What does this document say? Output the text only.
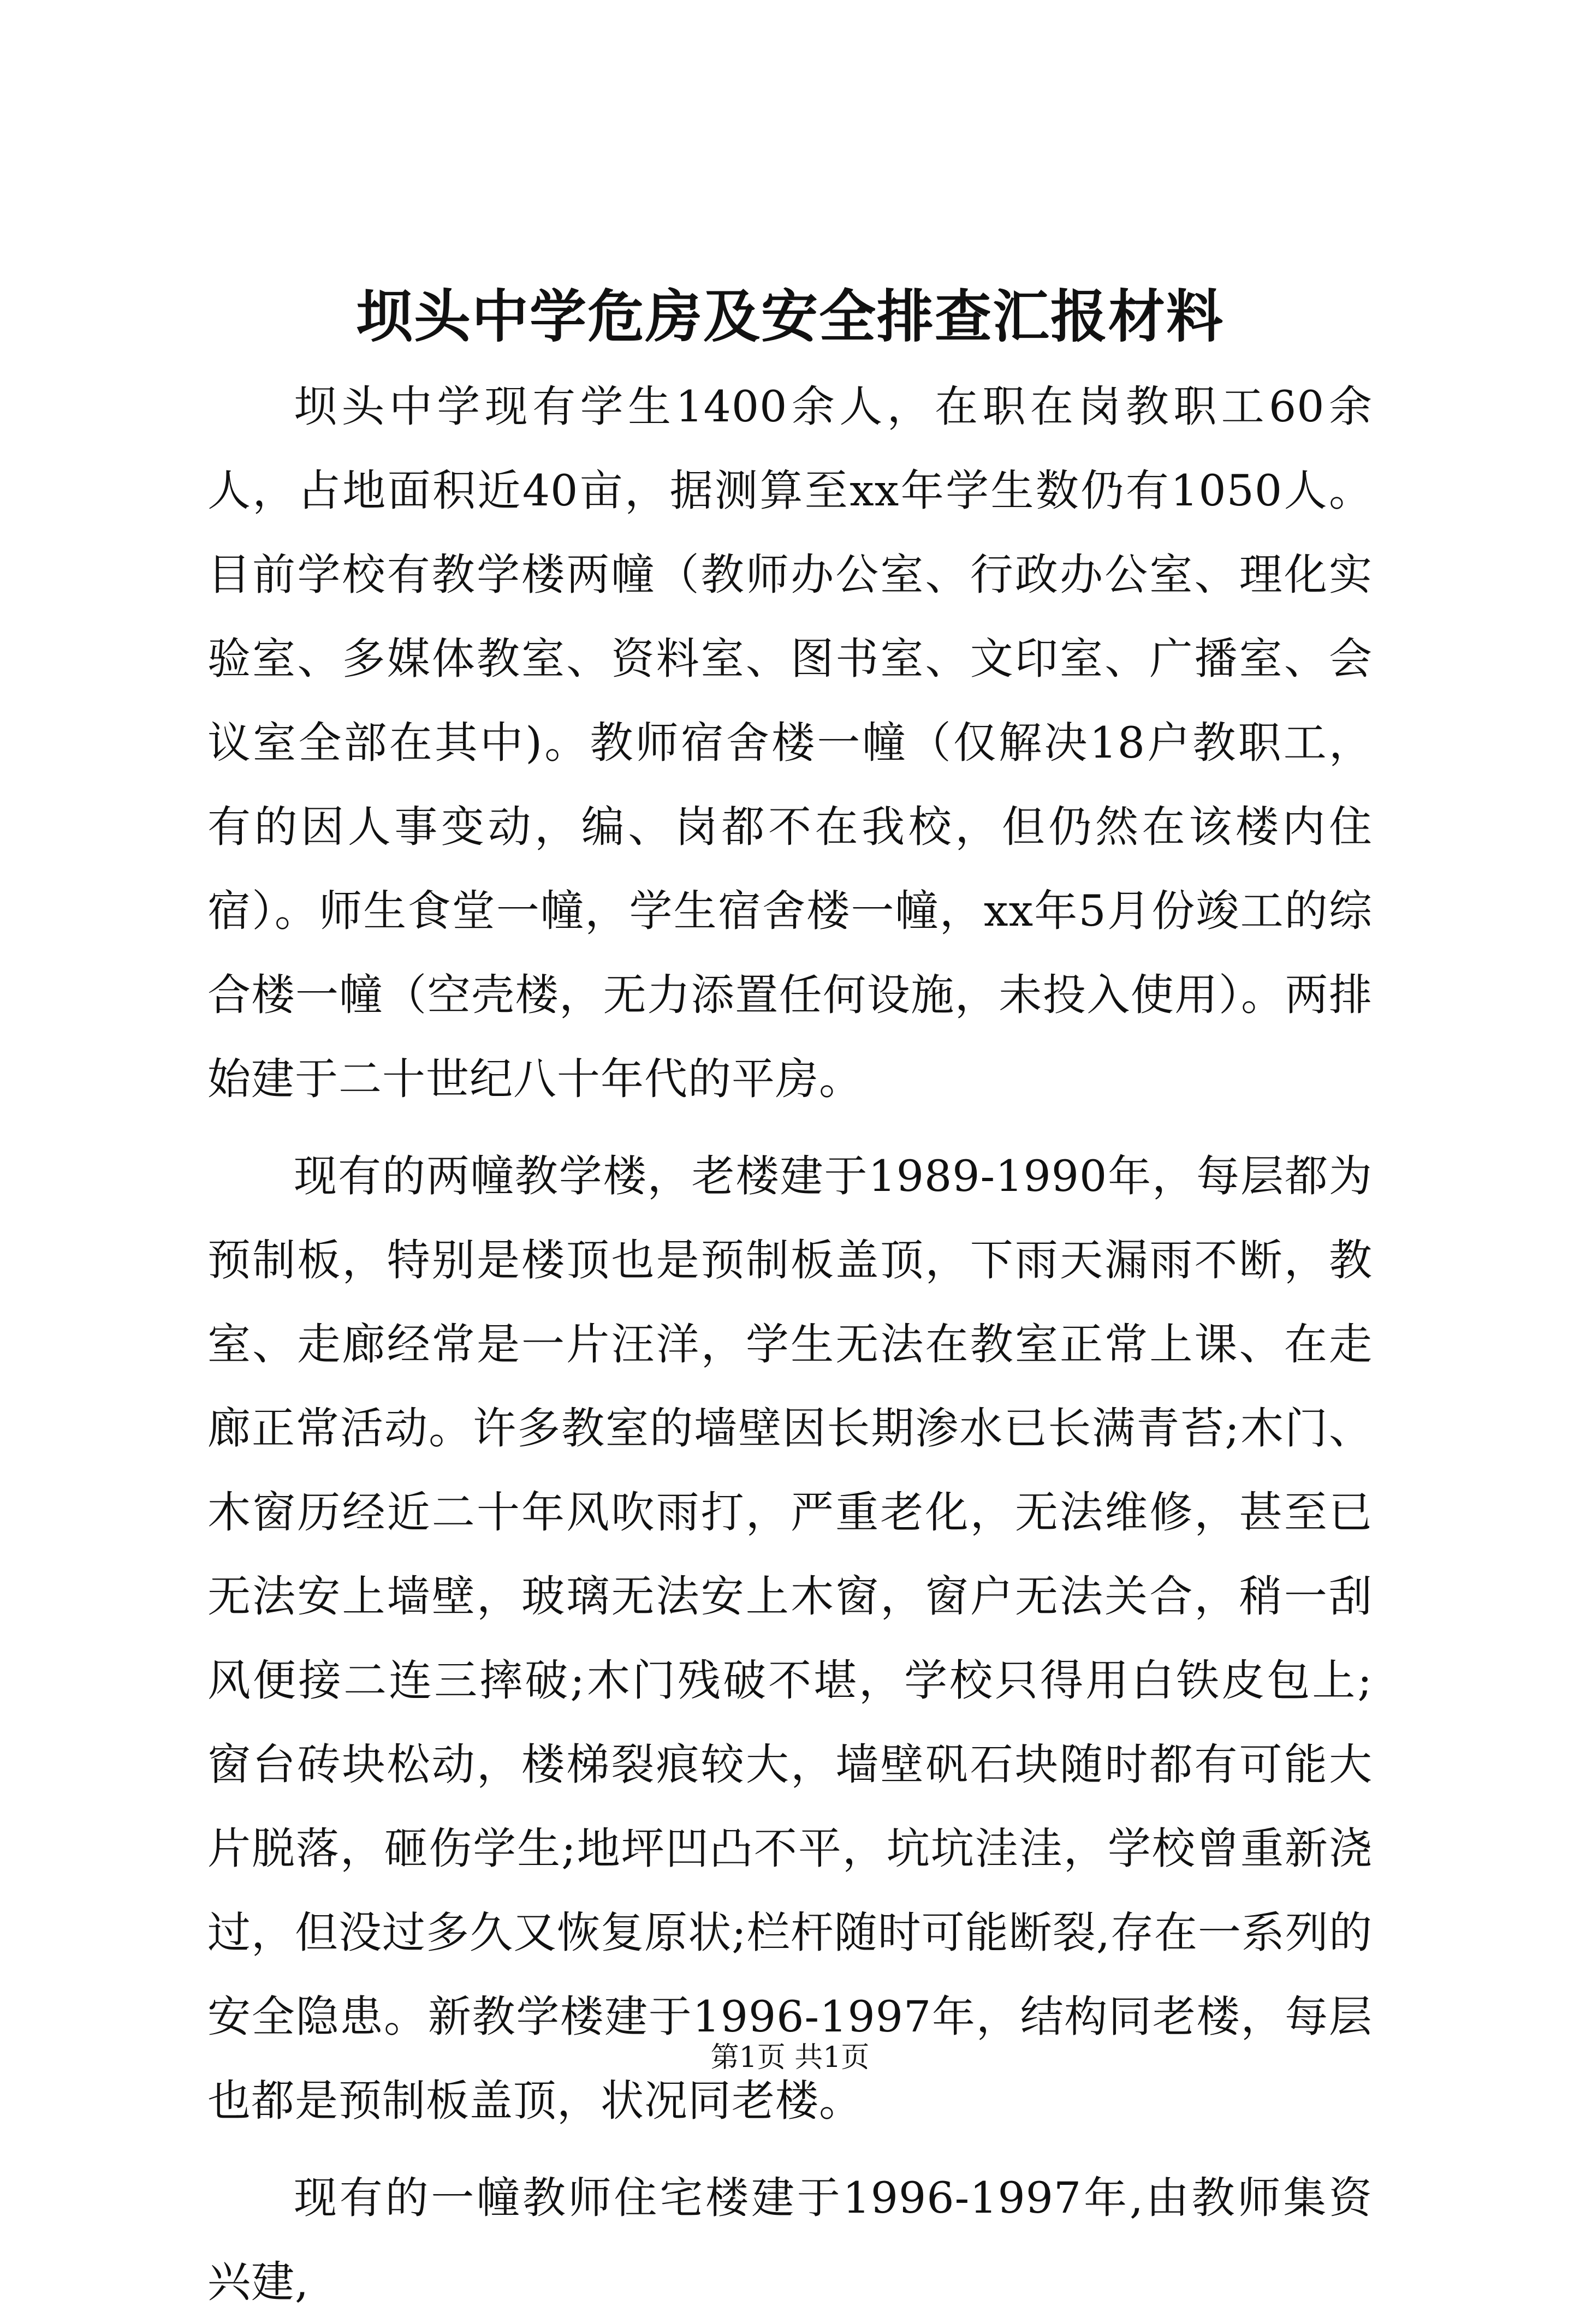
坝头中学危房及安全排查汇报材料

坝头中学现有学生1400余人，在职在岗教职工60余人，占地面积近40亩，据测算至xx年学生数仍有1050人。目前学校有教学楼两幢（教师办公室、行政办公室、理化实验室、多媒体教室、资料室、图书室、文印室、广播室、会议室全部在其中)。教师宿舍楼一幢（仅解决18户教职工，有的因人事变动，编、岗都不在我校，但仍然在该楼内住宿）。师生食堂一幢，学生宿舍楼一幢，xx年5月份竣工的综合楼一幢（空壳楼，无力添置任何设施，未投入使用）。两排始建于二十世纪八十年代的平房。

现有的两幢教学楼，老楼建于1989-1990年，每层都为预制板，特别是楼顶也是预制板盖顶，下雨天漏雨不断，教室、走廊经常是一片汪洋，学生无法在教室正常上课、在走廊正常活动。许多教室的墙壁因长期渗水已长满青苔;木门、木窗历经近二十年风吹雨打，严重老化，无法维修，甚至已无法安上墙壁，玻璃无法安上木窗，窗户无法关合，稍一刮风便接二连三摔破;木门残破不堪，学校只得用白铁皮包上;窗台砖块松动，楼梯裂痕较大，墙壁矾石块随时都有可能大片脱落，砸伤学生;地坪凹凸不平，坑坑洼洼，学校曾重新浇过，但没过多久又恢复原状;栏杆随时可能断裂,存在一系列的安全隐患。新教学楼建于1996-1997年，结构同老楼，每层也都是预制板盖顶，状况同老楼。

现有的一幢教师住宅楼建于1996-1997年,由教师集资兴建,

第1页 共1页
